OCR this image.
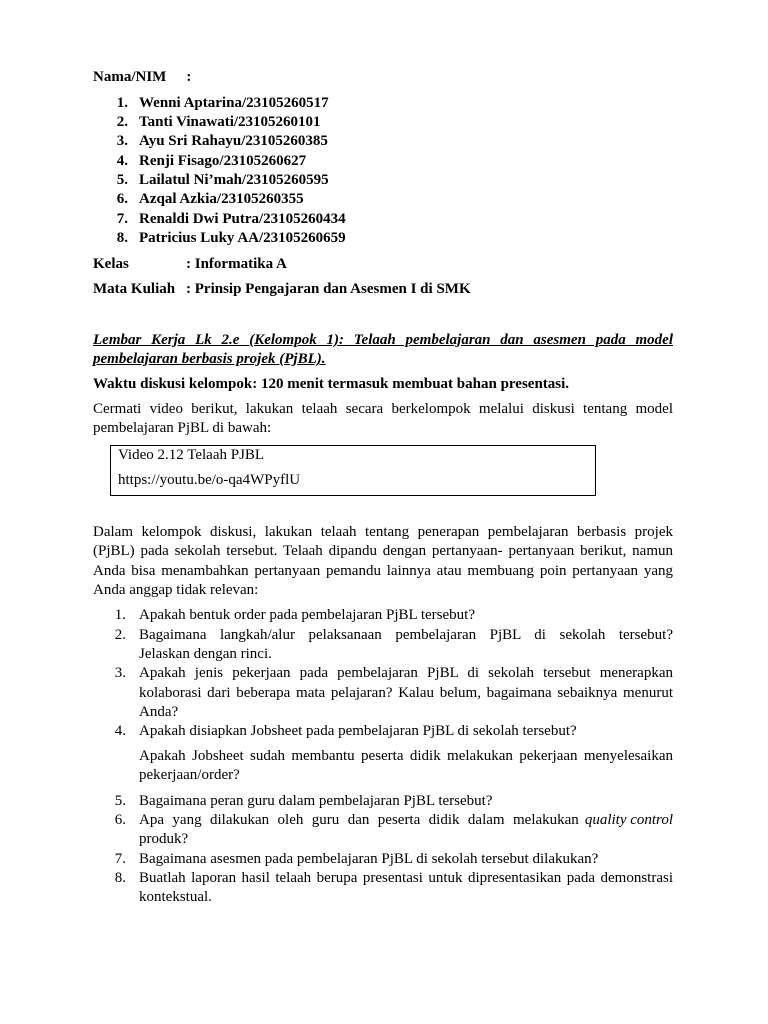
Nama/NIM :
1. Wenni Aptarina/23105260517
2. Tanti Vinawati/23105260101
3. Ayu Sri Rahayu/23105260385
4. Renji Fisago/23105260627
5. Lailatul Ni’mah/23105260595
6. Azqal Azkia/23105260355
7. Renaldi Dwi Putra/23105260434
8. Patricius Luky AA/23105260659
Kelas	: Informatika A
Mata Kuliah : Prinsip Pengajaran dan Asesmen I di SMK
Lembar Kerja Lk 2.e (Kelompok 1): Telaah pembelajaran dan asesmen pada model
pembelajaran berbasis projek (PjBL).
Waktu diskusi kelompok: 120 menit termasuk membuat bahan presentasi.
Cermati video berikut, lakukan telaah secara berkelompok melalui diskusi tentang model
pembelajaran PjBL di bawah:
Video 2.12 Telaah PJBL
https://youtu.be/o-qa4WPyflU
Dalam kelompok diskusi, lakukan telaah tentang penerapan pembelajaran berbasis projek
(PjBL) pada sekolah tersebut. Telaah dipandu dengan pertanyaan- pertanyaan berikut, namun
Anda bisa menambahkan pertanyaan pemandu lainnya atau membuang poin pertanyaan yang
Anda anggap tidak relevan:
1. Apakah bentuk order pada pembelajaran PjBL tersebut?
2. Bagaimana langkah/alur pelaksanaan pembelajaran PjBL di sekolah tersebut?
Jelaskan dengan rinci.
3. Apakah jenis pekerjaan pada pembelajaran PjBL di sekolah tersebut menerapkan
kolaborasi dari beberapa mata pelajaran? Kalau belum, bagaimana sebaiknya menurut
Anda?
4. Apakah disiapkan Jobsheet pada pembelajaran PjBL di sekolah tersebut?
Apakah Jobsheet sudah membantu peserta didik melakukan pekerjaan menyelesaikan
pekerjaan/order?
5. Bagaimana peran guru dalam pembelajaran PjBL tersebut?
6. Apa yang dilakukan oleh guru dan peserta didik dalam melakukan quality control
produk?
7. Bagaimana asesmen pada pembelajaran PjBL di sekolah tersebut dilakukan?
8. Buatlah laporan hasil telaah berupa presentasi untuk dipresentasikan pada demonstrasi
kontekstual.
